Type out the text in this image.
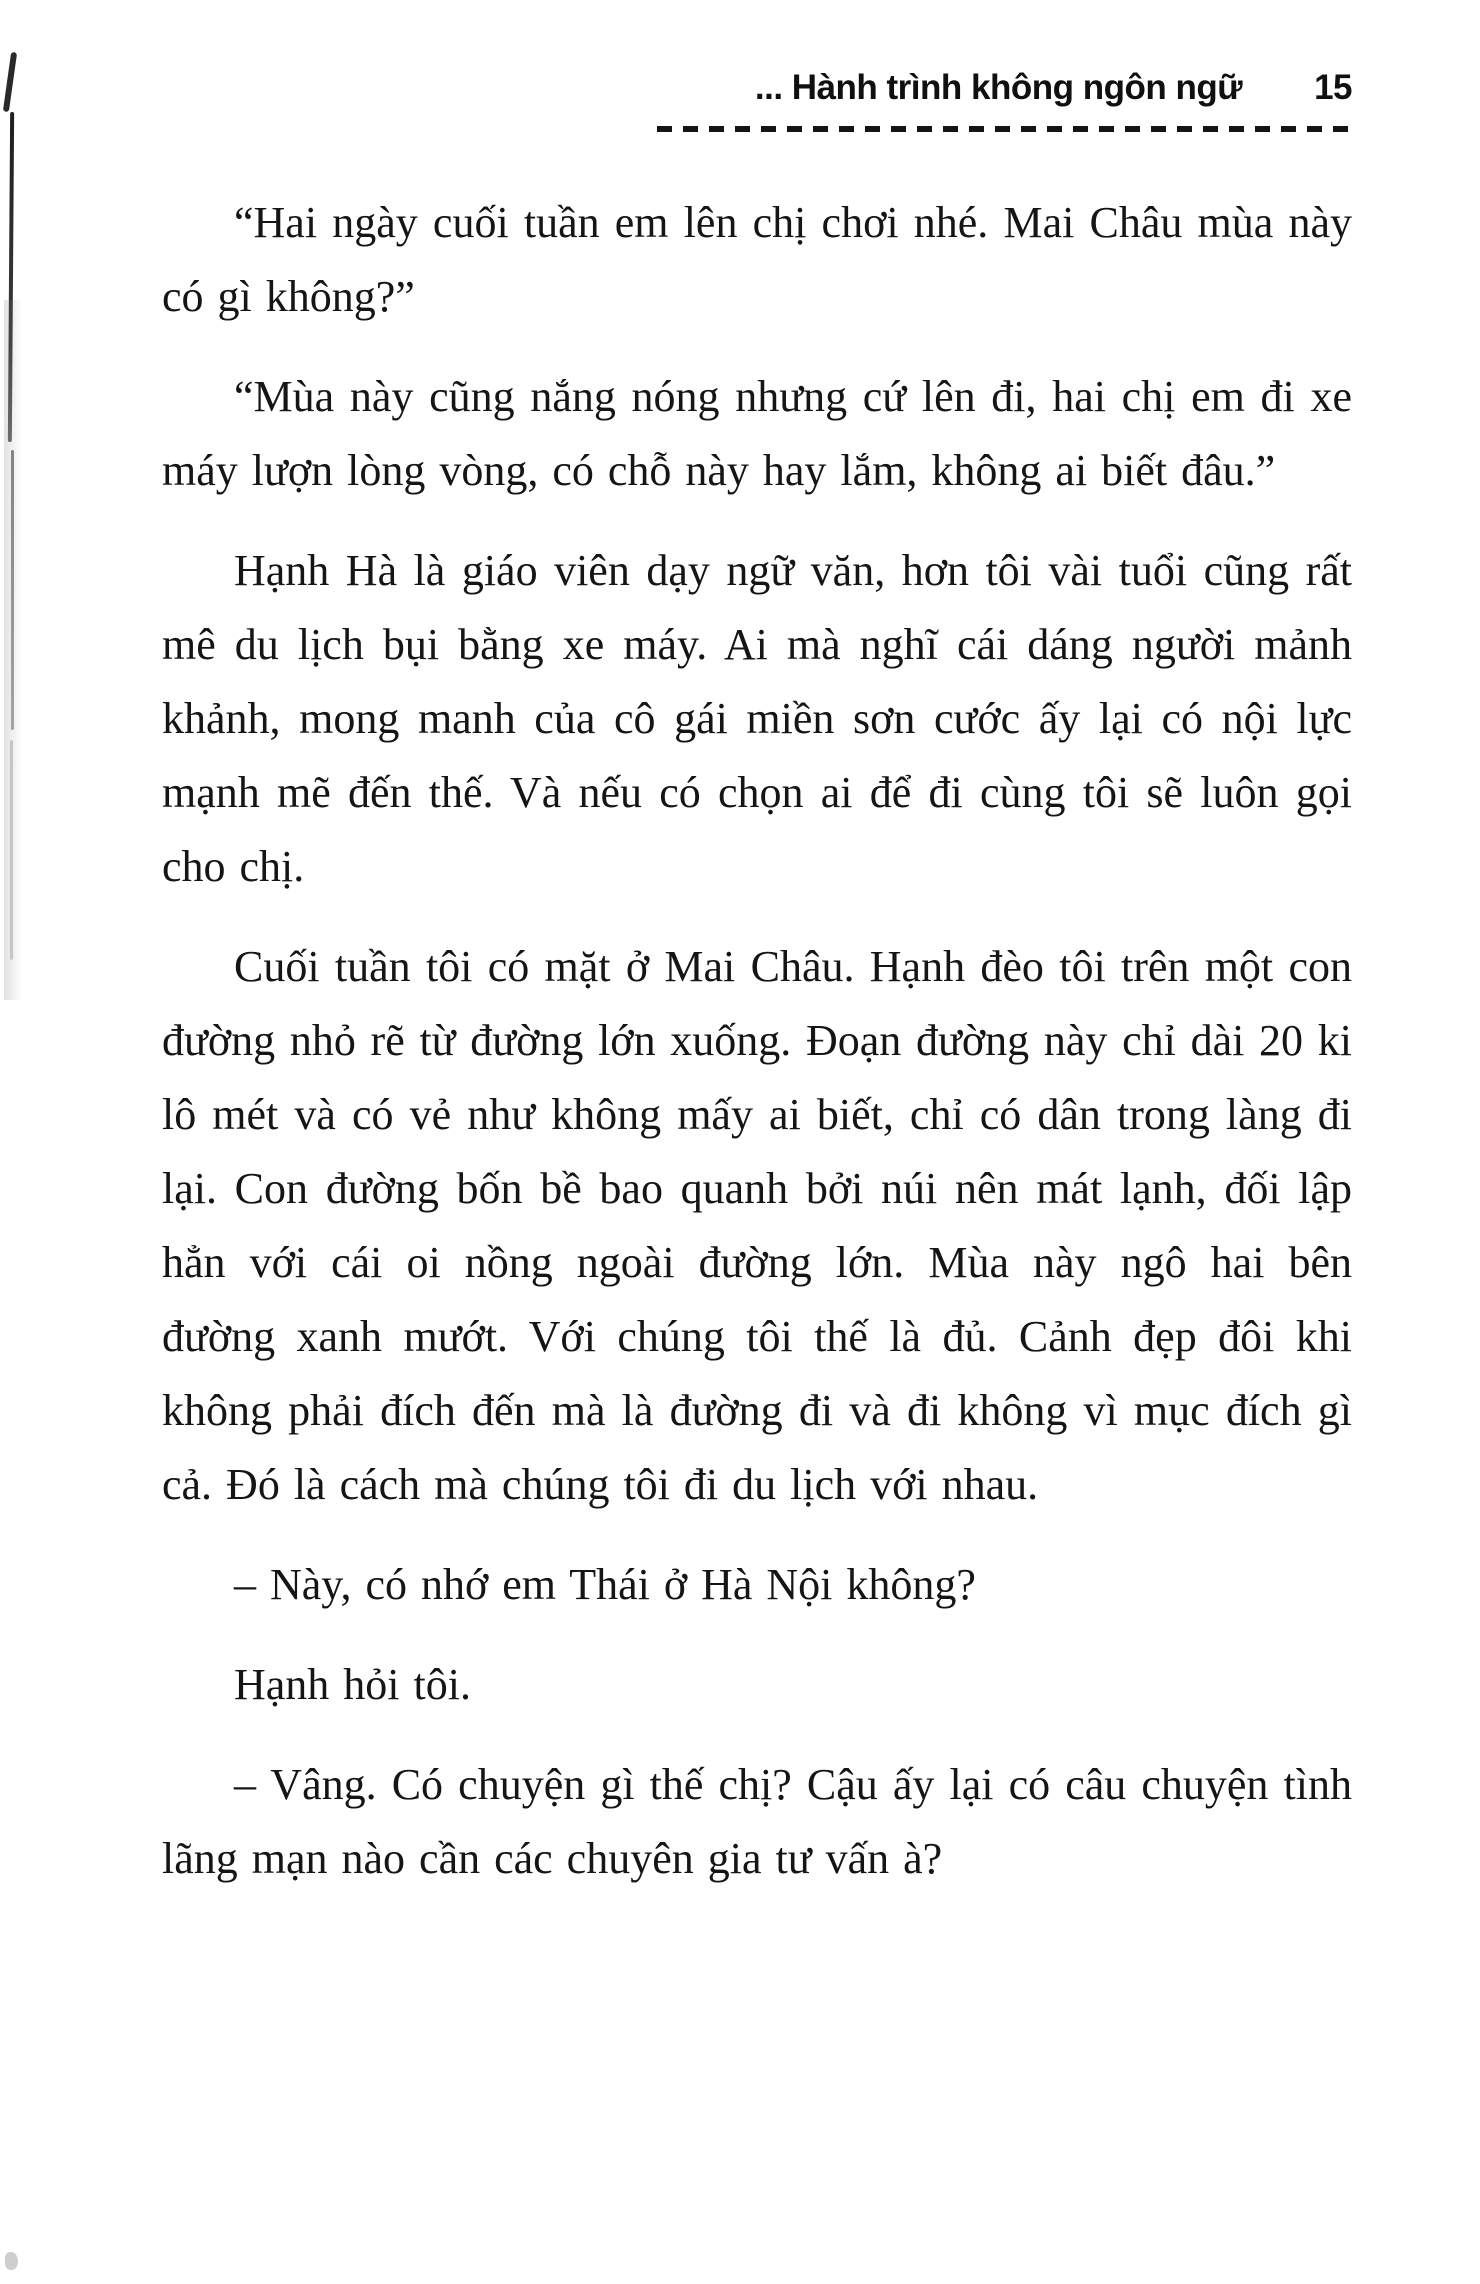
... Hành trình không ngôn ngữ 15

“Hai ngày cuối tuần em lên chị chơi nhé. Mai Châu mùa này có gì không?”

“Mùa này cũng nắng nóng nhưng cứ lên đi, hai chị em đi xe máy lượn lòng vòng, có chỗ này hay lắm, không ai biết đâu.”

Hạnh Hà là giáo viên dạy ngữ văn, hơn tôi vài tuổi cũng rất mê du lịch bụi bằng xe máy. Ai mà nghĩ cái dáng người mảnh khảnh, mong manh của cô gái miền sơn cước ấy lại có nội lực mạnh mẽ đến thế. Và nếu có chọn ai để đi cùng tôi sẽ luôn gọi cho chị.

Cuối tuần tôi có mặt ở Mai Châu. Hạnh đèo tôi trên một con đường nhỏ rẽ từ đường lớn xuống. Đoạn đường này chỉ dài 20 ki lô mét và có vẻ như không mấy ai biết, chỉ có dân trong làng đi lại. Con đường bốn bề bao quanh bởi núi nên mát lạnh, đối lập hẳn với cái oi nồng ngoài đường lớn. Mùa này ngô hai bên đường xanh mướt. Với chúng tôi thế là đủ. Cảnh đẹp đôi khi không phải đích đến mà là đường đi và đi không vì mục đích gì cả. Đó là cách mà chúng tôi đi du lịch với nhau.

– Này, có nhớ em Thái ở Hà Nội không?

Hạnh hỏi tôi.

– Vâng. Có chuyện gì thế chị? Cậu ấy lại có câu chuyện tình lãng mạn nào cần các chuyên gia tư vấn à?
